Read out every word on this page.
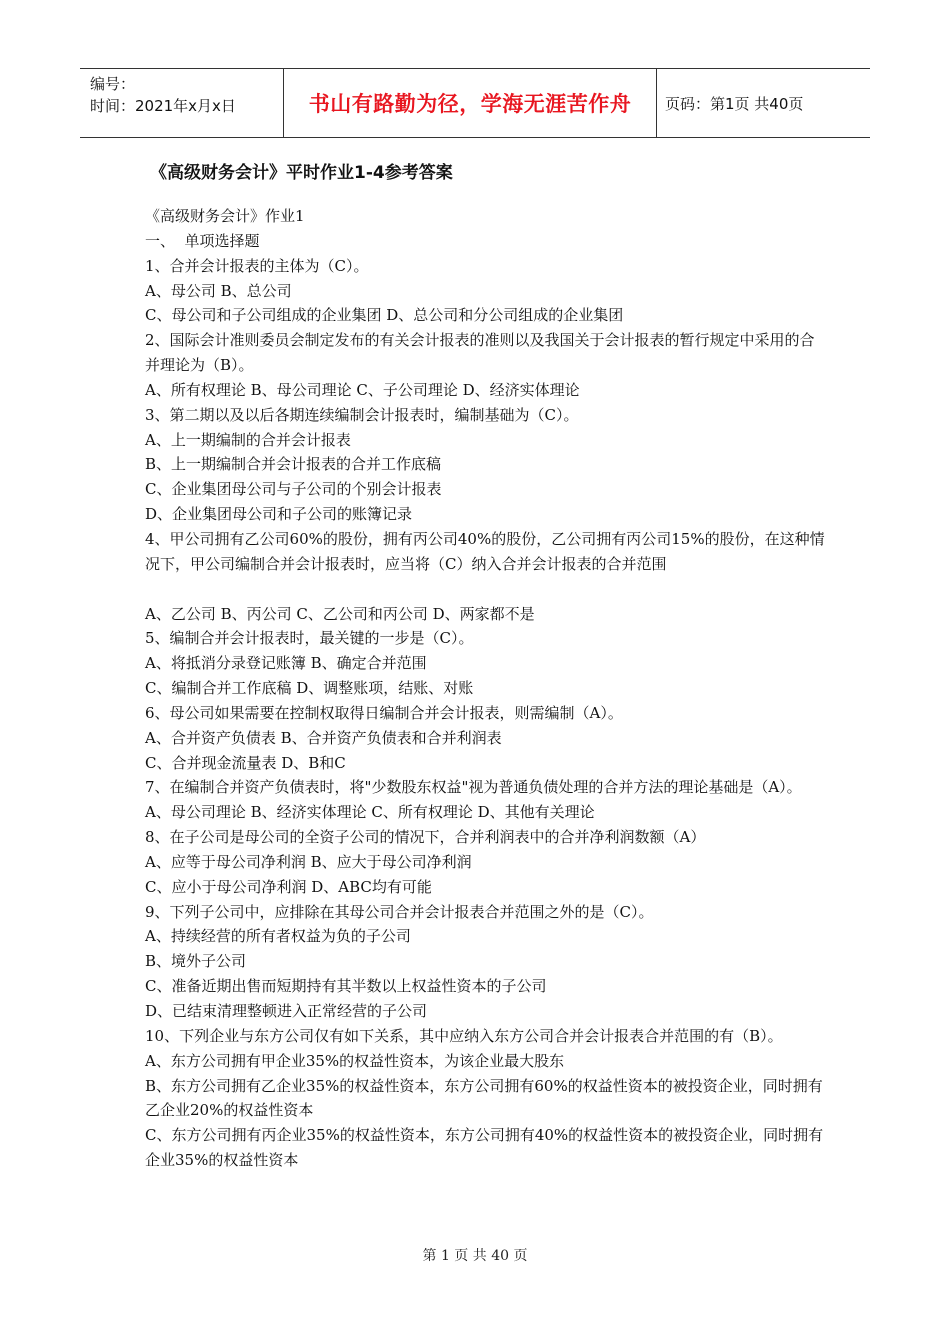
编号：
时间：2021年x月x日	书山有路勤为径，学海无涯苦作舟	页码：第1页 共40页
《高级财务会计》平时作业1-4参考答案
《高级财务会计》作业1
一、  单项选择题
1、合并会计报表的主体为（C）。
A、母公司 B、总公司
C、母公司和子公司组成的企业集团 D、总公司和分公司组成的企业集团
2、国际会计准则委员会制定发布的有关会计报表的准则以及我国关于会计报表的暂行规定中采用的合并理论为（B）。
A、所有权理论 B、母公司理论 C、子公司理论 D、经济实体理论
3、第二期以及以后各期连续编制会计报表时，编制基础为（C）。
A、上一期编制的合并会计报表
B、上一期编制合并会计报表的合并工作底稿
C、企业集团母公司与子公司的个别会计报表
D、企业集团母公司和子公司的账簿记录
4、甲公司拥有乙公司60%的股份，拥有丙公司40%的股份，乙公司拥有丙公司15%的股份，在这种情况下，甲公司编制合并会计报表时，应当将（C）纳入合并会计报表的合并范围
A、乙公司 B、丙公司 C、乙公司和丙公司 D、两家都不是
5、编制合并会计报表时，最关键的一步是（C）。
A、将抵消分录登记账簿 B、确定合并范围
C、编制合并工作底稿 D、调整账项，结账、对账
6、母公司如果需要在控制权取得日编制合并会计报表，则需编制（A）。
A、合并资产负债表 B、合并资产负债表和合并利润表
C、合并现金流量表 D、B和C
7、在编制合并资产负债表时，将"少数股东权益"视为普通负债处理的合并方法的理论基础是（A）。
A、母公司理论 B、经济实体理论 C、所有权理论 D、其他有关理论
8、在子公司是母公司的全资子公司的情况下，合并利润表中的合并净利润数额（A）
A、应等于母公司净利润 B、应大于母公司净利润
C、应小于母公司净利润 D、ABC均有可能
9、下列子公司中，应排除在其母公司合并会计报表合并范围之外的是（C）。
A、持续经营的所有者权益为负的子公司
B、境外子公司
C、准备近期出售而短期持有其半数以上权益性资本的子公司
D、已结束清理整顿进入正常经营的子公司
10、下列企业与东方公司仅有如下关系，其中应纳入东方公司合并会计报表合并范围的有（B）。
A、东方公司拥有甲企业35%的权益性资本，为该企业最大股东
B、东方公司拥有乙企业35%的权益性资本，东方公司拥有60%的权益性资本的被投资企业，同时拥有乙企业20%的权益性资本
C、东方公司拥有丙企业35%的权益性资本，东方公司拥有40%的权益性资本的被投资企业，同时拥有企业35%的权益性资本
第 1 页 共 40 页
